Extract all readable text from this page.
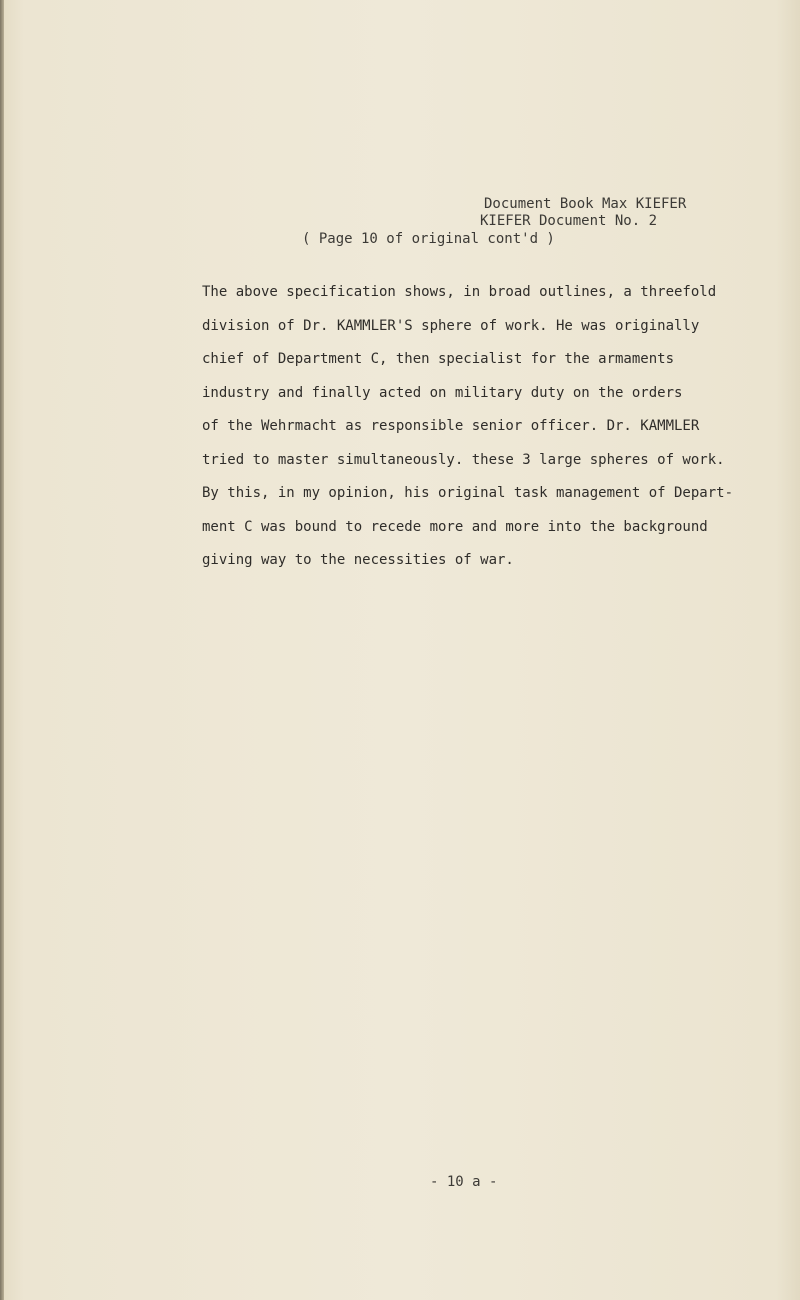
Document Book Max KIEFER
KIEFER Document No. 2
( Page 10 of original cont'd )
The above specification shows, in broad outlines, a threefold
division of Dr. KAMMLER'S sphere of work. He was originally
chief of Department C, then specialist for the armaments
industry and finally acted on military duty on the orders
of the Wehrmacht as responsible senior officer. Dr. KAMMLER
tried to master simultaneously. these 3 large spheres of work.
By this, in my opinion, his original task management of Depart-
ment C was bound to recede more and more into the background
giving way to the necessities of war.
- 10 a -
